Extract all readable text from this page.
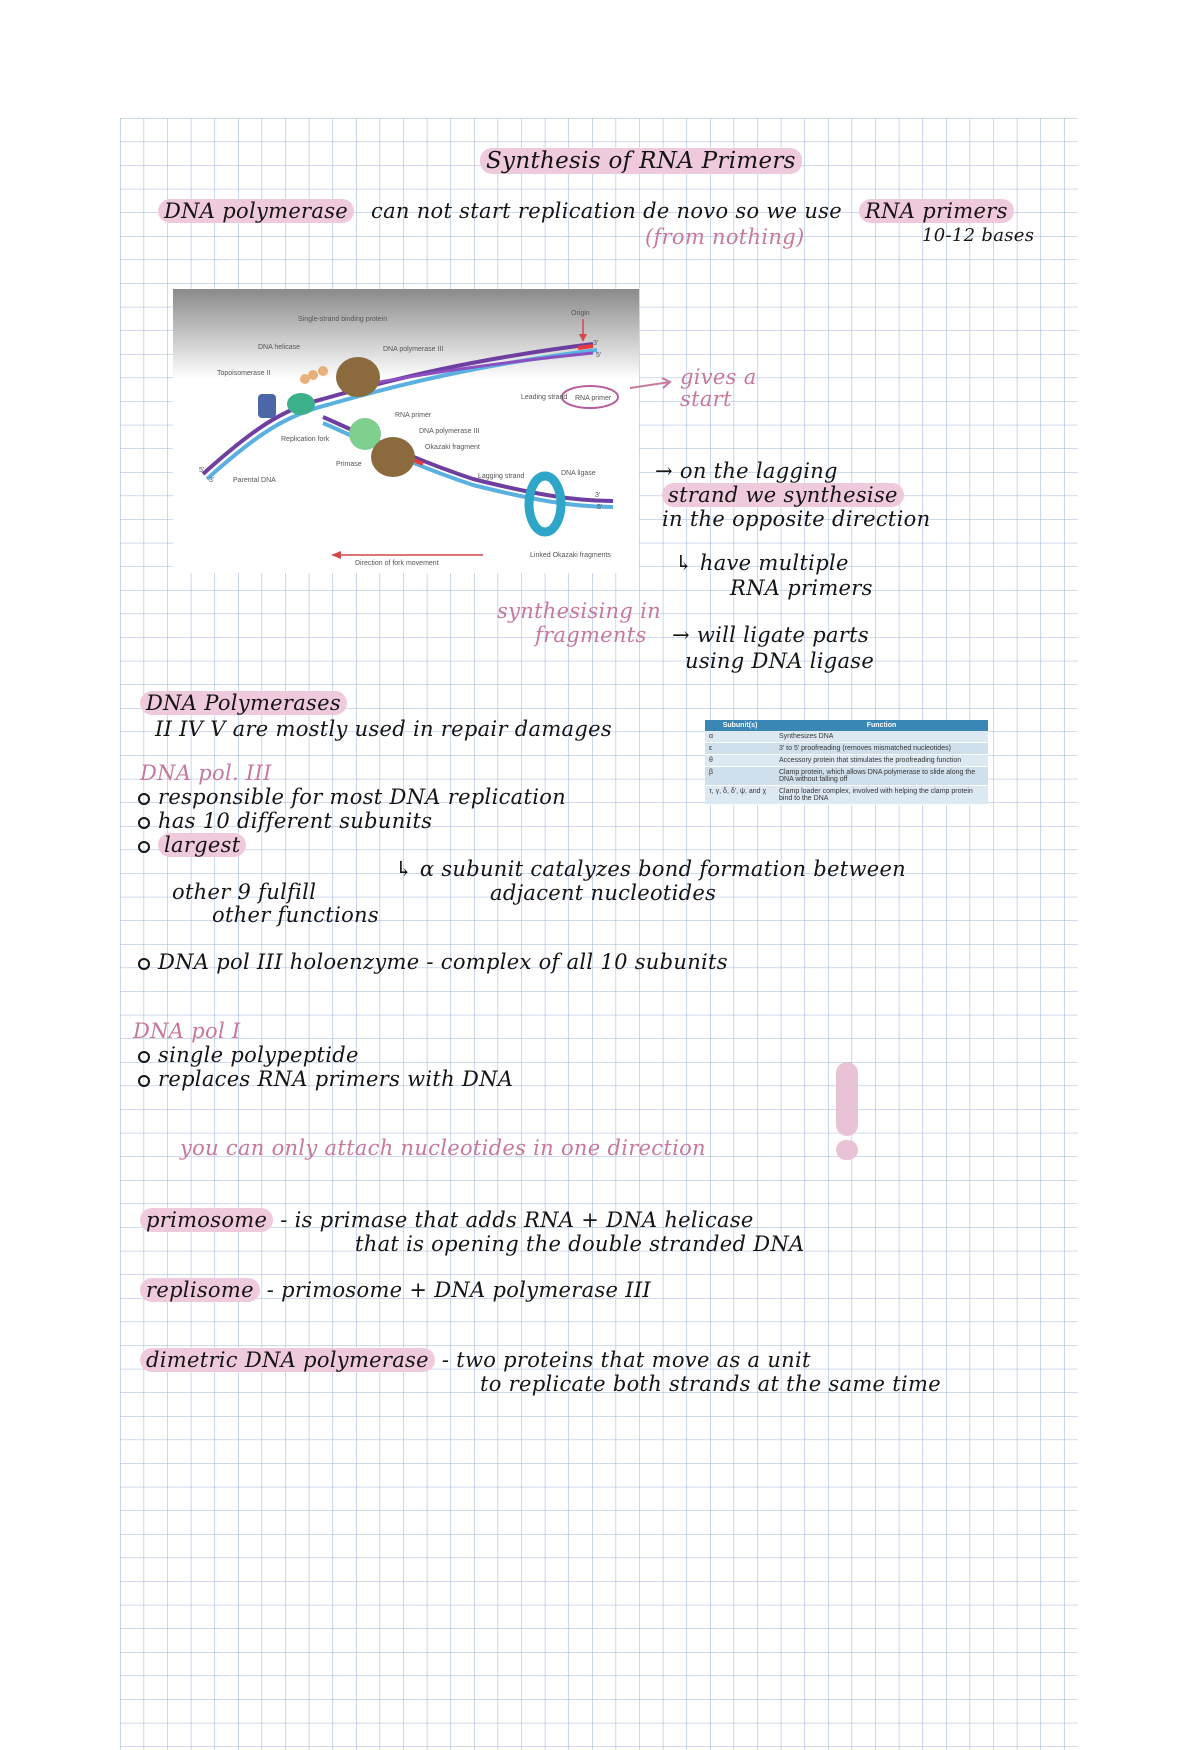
Synthesis of RNA Primers
DNA polymerase can not start replication de novo so we use RNA primers
(from nothing)	10-12 bases
Single-strand binding protein
DNA helicase	DNA polymerase III
Origin
Topoisomerase II
Leading strand RNA primer
RNA primer
DNA polymerase III
Okazaki fragment
Replication fork
Primase
Lagging strand	DNA ligase
Parental DNA
Direction of fork movement
Linked Okazaki fragments
5'
3'
3'
5'
3'
5'
gives a start
→ on the lagging
strand we synthesise
in the opposite direction
↳ have multiple
RNA primers
synthesising in
fragments → will ligate parts
using DNA ligase
DNA Polymerases
II IV V are mostly used in repair damages
DNA pol. III
responsible for most DNA replication
has 10 different subunits
largest
↳ α subunit catalyzes bond formation between
adjacent nucleotides
other 9 fulfill
other functions
DNA pol III holoenzyme - complex of all 10 subunits
Subunit(s)	Function
α	Synthesizes DNA
ε	3' to 5' proofreading (removes mismatched nucleotides)
θ	Accessory protein that stimulates the proofreading function
β	Clamp protein, which allows DNA polymerase to slide along the DNA without falling off
τ, γ, δ, δ', ψ, and χ	Clamp loader complex, involved with helping the clamp protein bind to the DNA
DNA pol I
single polypeptide
replaces RNA primers with DNA
you can only attach nucleotides in one direction
primosome - is primase that adds RNA + DNA helicase
that is opening the double stranded DNA
replisome - primosome + DNA polymerase III
dimetric DNA polymerase - two proteins that move as a unit
to replicate both strands at the same time
